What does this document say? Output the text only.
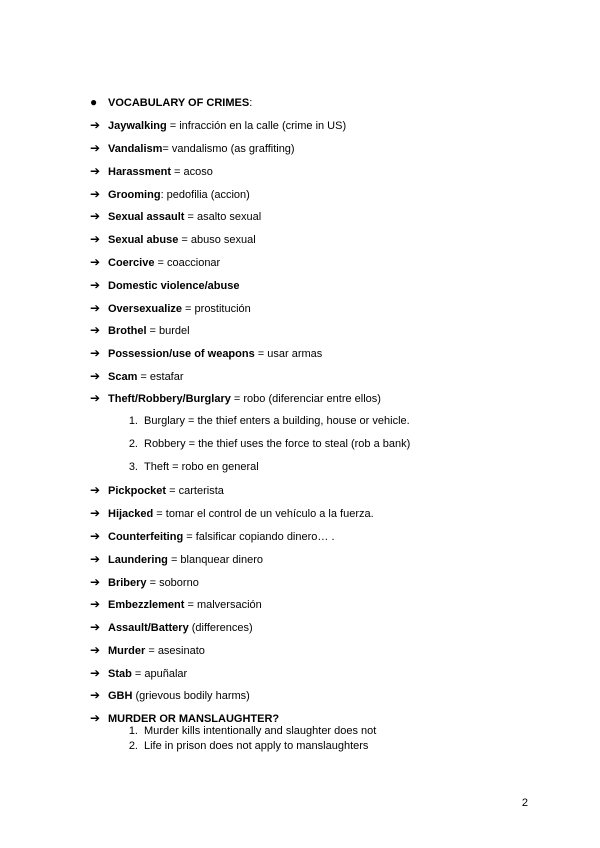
● VOCABULARY OF CRIMES:
➔ Jaywalking = infracción en la calle (crime in US)
➔ Vandalism= vandalismo (as graffiting)
➔ Harassment = acoso
➔ Grooming: pedofilia (accion)
➔ Sexual assault = asalto sexual
➔ Sexual abuse = abuso sexual
➔ Coercive = coaccionar
➔ Domestic violence/abuse
➔ Oversexualize = prostitución
➔ Brothel = burdel
➔ Possession/use of weapons = usar armas
➔ Scam = estafar
➔ Theft/Robbery/Burglary = robo (diferenciar entre ellos)
1. Burglary = the thief enters a building, house or vehicle.
2. Robbery = the thief uses the force to steal (rob a bank)
3. Theft = robo en general
➔ Pickpocket = carterista
➔ Hijacked = tomar el control de un vehículo a la fuerza.
➔ Counterfeiting = falsificar copiando dinero… .
➔ Laundering = blanquear dinero
➔ Bribery = soborno
➔ Embezzlement = malversación
➔ Assault/Battery (differences)
➔ Murder = asesinato
➔ Stab = apuñalar
➔ GBH (grievous bodily harms)
➔ MURDER OR MANSLAUGHTER?
1. Murder kills intentionally and slaughter does not
2. Life in prison does not apply to manslaughters
2
